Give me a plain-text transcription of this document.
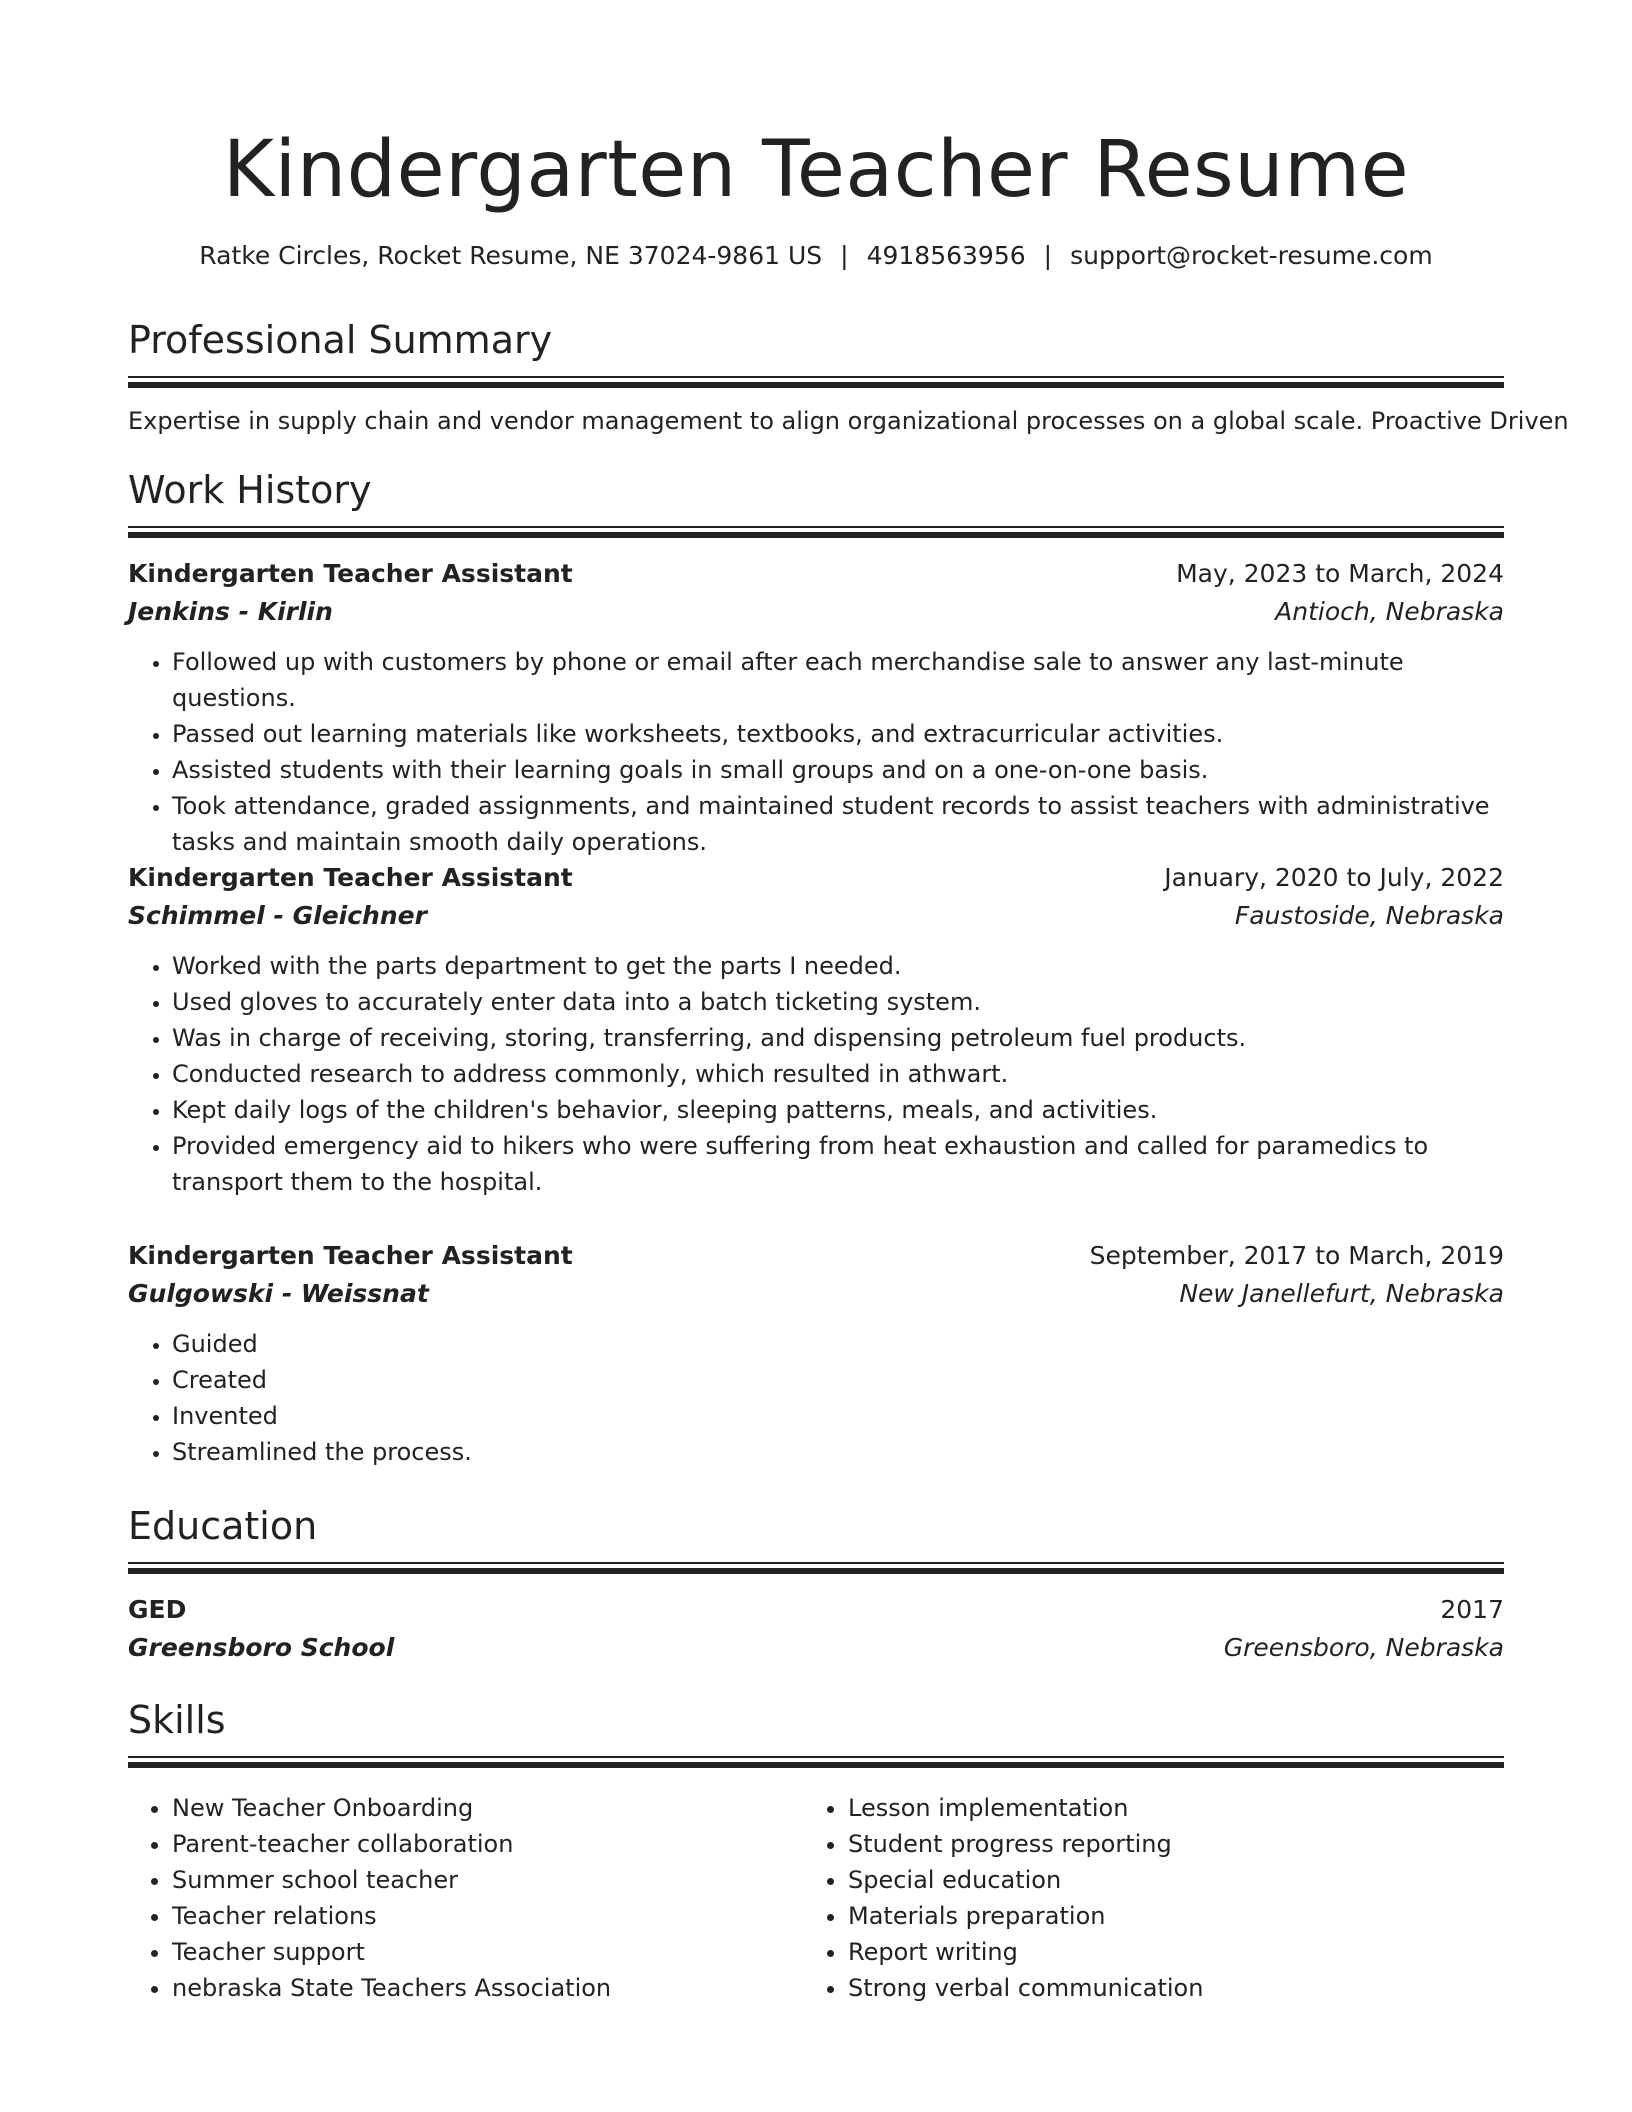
Kindergarten Teacher Resume
Ratke Circles, Rocket Resume, NE 37024-9861 US | 4918563956 | support@rocket-resume.com
Professional Summary
Expertise in supply chain and vendor management to align organizational processes on a global scale. Proactive Driven
Work History
Kindergarten Teacher Assistant	May, 2023 to March, 2024
Jenkins - Kirlin	Antioch, Nebraska
• Followed up with customers by phone or email after each merchandise sale to answer any last-minute questions.
• Passed out learning materials like worksheets, textbooks, and extracurricular activities.
• Assisted students with their learning goals in small groups and on a one-on-one basis.
• Took attendance, graded assignments, and maintained student records to assist teachers with administrative tasks and maintain smooth daily operations.
Kindergarten Teacher Assistant	January, 2020 to July, 2022
Schimmel - Gleichner	Faustoside, Nebraska
• Worked with the parts department to get the parts I needed.
• Used gloves to accurately enter data into a batch ticketing system.
• Was in charge of receiving, storing, transferring, and dispensing petroleum fuel products.
• Conducted research to address commonly, which resulted in athwart.
• Kept daily logs of the children's behavior, sleeping patterns, meals, and activities.
• Provided emergency aid to hikers who were suffering from heat exhaustion and called for paramedics to transport them to the hospital.
Kindergarten Teacher Assistant	September, 2017 to March, 2019
Gulgowski - Weissnat	New Janellefurt, Nebraska
• Guided
• Created
• Invented
• Streamlined the process.
Education
GED	2017
Greensboro School	Greensboro, Nebraska
Skills
• New Teacher Onboarding
• Parent-teacher collaboration
• Summer school teacher
• Teacher relations
• Teacher support
• nebraska State Teachers Association
• Lesson implementation
• Student progress reporting
• Special education
• Materials preparation
• Report writing
• Strong verbal communication
